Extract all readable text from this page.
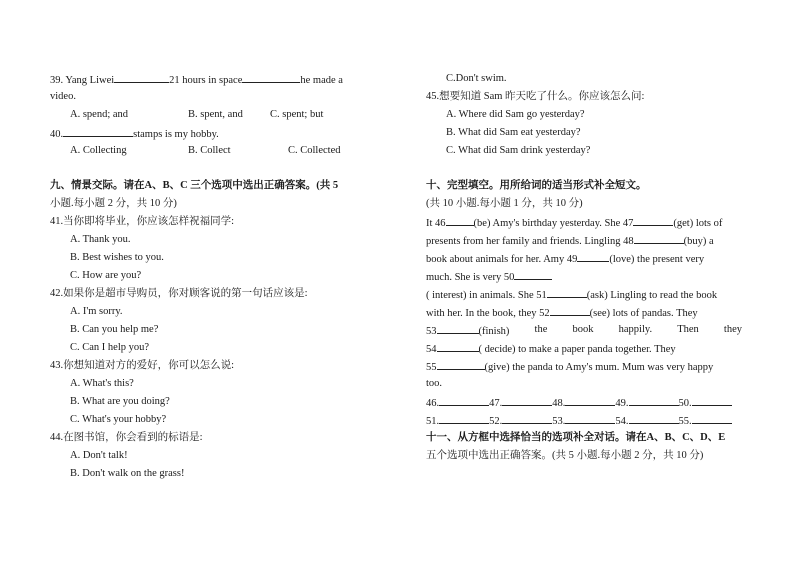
39. Yang Liwei	21 hours in space	he made a
video.
A. spend; and	B. spent, and	C. spent; but
40.	stamps is my hobby.
A. Collecting	B. Collect	C. Collected
九、情景交际。请在A、B、C 三个选项中选出正确答案。(共 5
小题.每小题 2 分，共 10 分)
41.当你即将毕业，你应该怎样祝福同学:
A. Thank you.
B. Best wishes to you.
C. How are you?
42.如果你是超市导购员，你对顾客说的第一句话应该是:
A. I'm sorry.
B. Can you help me?
C. Can I help you?
43.你想知道对方的爱好，你可以怎么说:
A. What's this?
B. What are you doing?
C. What's your hobby?
44.在图书馆，你会看到的标语是:
A. Don't talk!
B. Don't walk on the grass!
C.Don't swim.
45.想要知道 Sam 昨天吃了什么。你应该怎么问:
A. Where did Sam go yesterday?
B. What did Sam eat yesterday?
C. What did Sam drink yesterday?
十、完型填空。用所给词的适当形式补全短文。
(共 10 小题.每小题 1 分，共 10 分)
It 46	(be) Amy's birthday yesterday. She 47	(get) lots of
presents from her family and friends. Lingling 48	(buy) a
book about animals for her. Amy 49	(love) the present very
much. She is very 50
( interest) in animals. She 51	(ask) Lingling to read the book
with her. In the book, they 52	(see) lots of pandas. They
53	(finish) the book happily. Then they
54	( decide) to make a paper panda together. They
55	(give) the panda to Amy's mum. Mum was very happy
too.
46.	47.	48.	49.	50.
51.	52.	53.	54.	55.
十一、从方框中选择恰当的选项补全对话。请在A、B、C、D、E
五个选项中选出正确答案。(共 5 小题.每小题 2 分，共 10 分)
